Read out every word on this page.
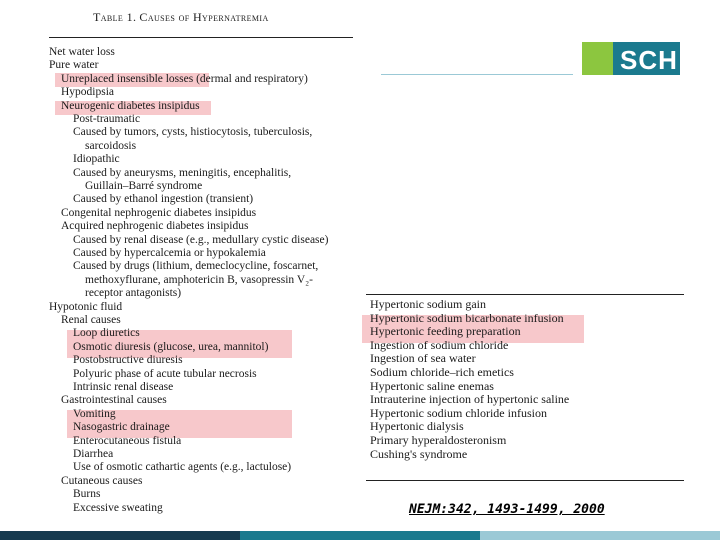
SCH
Table 1. Causes of Hypernatremia
Net water loss
Pure water
Unreplaced insensible losses (dermal and respiratory)
Hypodipsia
Neurogenic diabetes insipidus
Post-traumatic
Caused by tumors, cysts, histiocytosis, tuberculosis,
sarcoidosis
Idiopathic
Caused by aneurysms, meningitis, encephalitis,
Guillain–Barré syndrome
Caused by ethanol ingestion (transient)
Congenital nephrogenic diabetes insipidus
Acquired nephrogenic diabetes insipidus
Caused by renal disease (e.g., medullary cystic disease)
Caused by hypercalcemia or hypokalemia
Caused by drugs (lithium, demeclocycline, foscarnet,
methoxyflurane, amphotericin B, vasopressin V₂-
receptor antagonists)
Hypotonic fluid
Renal causes
Loop diuretics
Osmotic diuresis (glucose, urea, mannitol)
Postobstructive diuresis
Polyuric phase of acute tubular necrosis
Intrinsic renal disease
Gastrointestinal causes
Vomiting
Nasogastric drainage
Enterocutaneous fistula
Diarrhea
Use of osmotic cathartic agents (e.g., lactulose)
Cutaneous causes
Burns
Excessive sweating
Hypertonic sodium gain
Hypertonic sodium bicarbonate infusion
Hypertonic feeding preparation
Ingestion of sodium chloride
Ingestion of sea water
Sodium chloride–rich emetics
Hypertonic saline enemas
Intrauterine injection of hypertonic saline
Hypertonic sodium chloride infusion
Hypertonic dialysis
Primary hyperaldosteronism
Cushing's syndrome
NEJM:342, 1493-1499, 2000
